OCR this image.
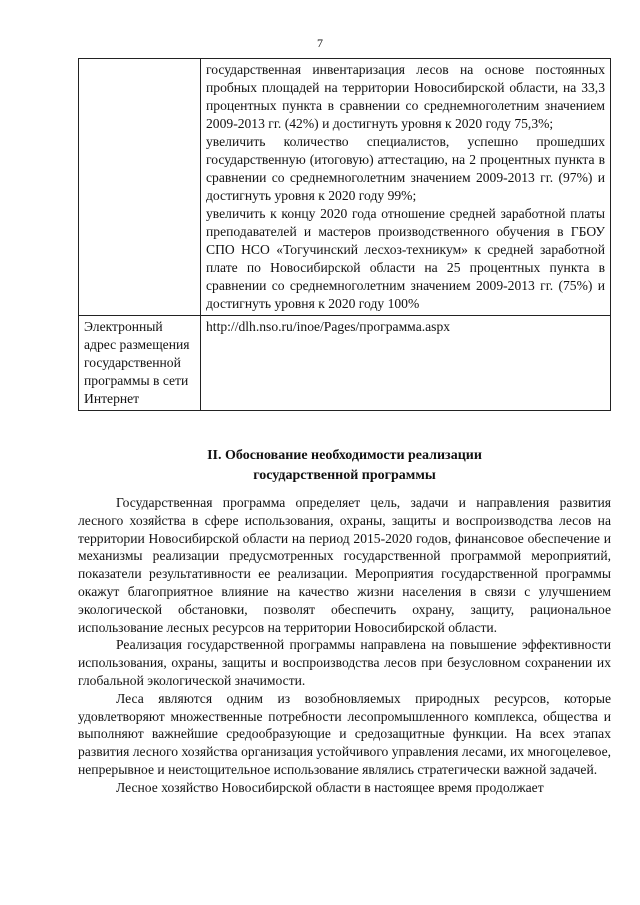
7

	государственная инвентаризация лесов на основе постоянных пробных площадей на территории Новосибирской области, на 33,3 процентных пункта в сравнении со среднемноголетним значением 2009-2013 гг. (42%) и достигнуть уровня к 2020 году 75,3%;
увеличить количество специалистов, успешно прошедших государственную (итоговую) аттестацию, на 2 процентных пункта в сравнении со среднемноголетним значением 2009-2013 гг. (97%) и достигнуть уровня к 2020 году 99%;
увеличить к концу 2020 года отношение средней заработной платы преподавателей и мастеров производственного обучения в ГБОУ СПО НСО «Тогучинский лесхоз-техникум» к средней заработной плате по Новосибирской области на 25 процентных пункта в сравнении со среднемноголетним значением 2009-2013 гг. (75%) и достигнуть уровня к 2020 году 100%

Электронный адрес размещения государственной программы в сети Интернет	http://dlh.nso.ru/inoe/Pages/программа.aspx
II. Обоснование необходимости реализации
государственной программы

Государственная программа определяет цель, задачи и направления развития лесного хозяйства в сфере использования, охраны, защиты и воспроизводства лесов на территории Новосибирской области на период 2015-2020 годов, финансовое обеспечение и механизмы реализации предусмотренных государственной программой мероприятий, показатели результативности ее реализации. Мероприятия государственной программы окажут благоприятное влияние на качество жизни населения в связи с улучшением экологической обстановки, позволят обеспечить охрану, защиту, рациональное использование лесных ресурсов на территории Новосибирской области.

Реализация государственной программы направлена на повышение эффективности использования, охраны, защиты и воспроизводства лесов при безусловном сохранении их глобальной экологической значимости.

Леса являются одним из возобновляемых природных ресурсов, которые удовлетворяют множественные потребности лесопромышленного комплекса, общества и выполняют важнейшие средообразующие и средозащитные функции. На всех этапах развития лесного хозяйства организация устойчивого управления лесами, их многоцелевое, непрерывное и неистощительное использование являлись стратегически важной задачей.

Лесное хозяйство Новосибирской области в настоящее время продолжает
